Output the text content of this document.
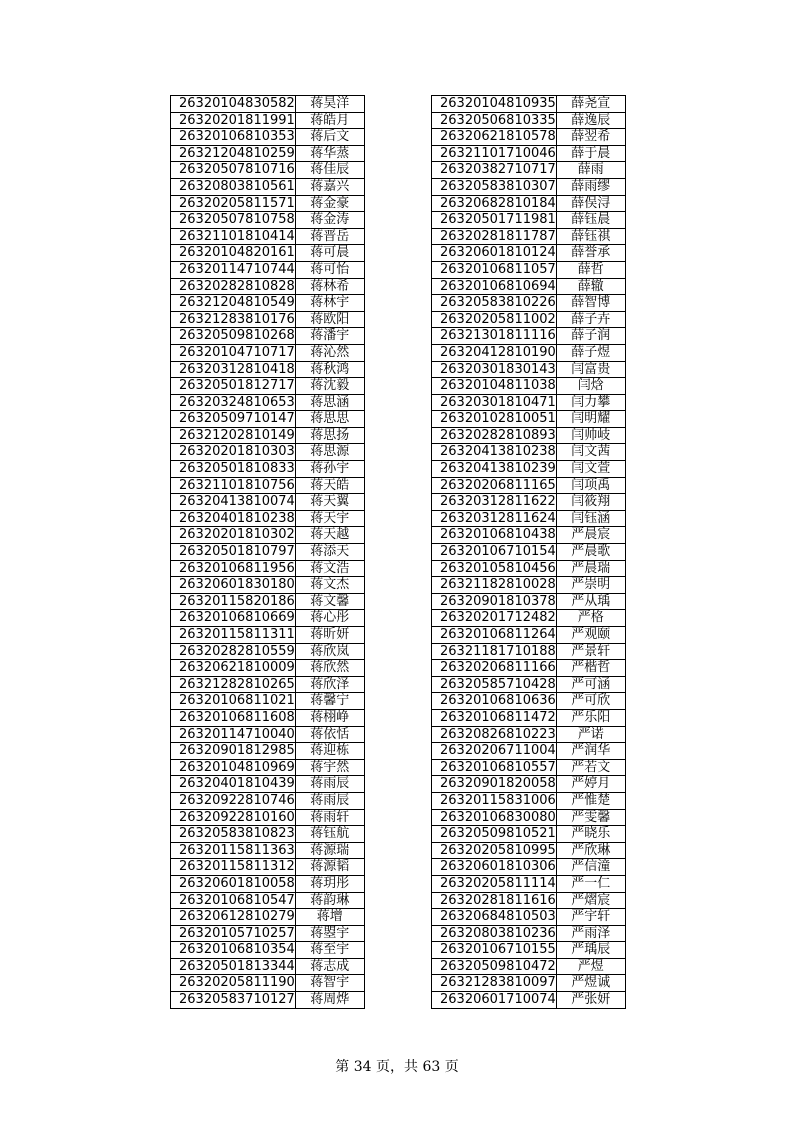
26320104830582	蒋昊洋
26320201811991	蒋皓月
26320106810353	蒋后文
26321204810259	蒋华蒸
26320507810716	蒋佳辰
26320803810561	蒋嘉兴
26320205811571	蒋金豪
26320507810758	蒋金涛
26321101810414	蒋晋岳
26320104820161	蒋可晨
26320114710744	蒋可怡
26320282810828	蒋林希
26321204810549	蒋林宇
26321283810176	蒋欧阳
26320509810268	蒋潘宇
26320104710717	蒋沁然
26320312810418	蒋秋鸿
26320501812717	蒋沈毅
26320324810653	蒋思涵
26320509710147	蒋思思
26321202810149	蒋思扬
26320201810303	蒋思源
26320501810833	蒋孙宇
26321101810756	蒋天皓
26320413810074	蒋天翼
26320401810238	蒋天宇
26320201810302	蒋天越
26320501810797	蒋添天
26320106811956	蒋文浩
26320601830180	蒋文杰
26320115820186	蒋文馨
26320106810669	蒋心彤
26320115811311	蒋昕妍
26320282810559	蒋欣岚
26320621810009	蒋欣然
26321282810265	蒋欣泽
26320106811021	蒋馨宁
26320106811608	蒋栩峥
26320114710040	蒋依恬
26320901812985	蒋迎栋
26320104810969	蒋宇然
26320401810439	蒋雨辰
26320922810746	蒋雨辰
26320922810160	蒋雨轩
26320583810823	蒋钰航
26320115811363	蒋源瑞
26320115811312	蒋源韬
26320601810058	蒋玥彤
26320106810547	蒋韵琳
26320612810279	蒋增
26320105710257	蒋曌宇
26320106810354	蒋至宇
26320501813344	蒋志成
26320205811190	蒋智宇
26320583710127	蒋周烨
26320104810935	薛尧宣
26320506810335	薛逸辰
26320621810578	薛翌希
26321101710046	薛于晨
26320382710717	薛雨
26320583810307	薛雨缪
26320682810184	薛俣浔
26320501711981	薛钰晨
26320281811787	薛钰祺
26320601810124	薛誉承
26320106811057	薛哲
26320106810694	薛辙
26320583810226	薛智博
26320205811002	薛子卉
26321301811116	薛子润
26320412810190	薛子煜
26320301830143	闫富贵
26320104811038	闫焓
26320301810471	闫力攀
26320102810051	闫明耀
26320282810893	闫帅岐
26320413810238	闫文茜
26320413810239	闫文萱
26320206811165	闫项禹
26320312811622	闫筱翔
26320312811624	闫钰涵
26320106810438	严晨宸
26320106710154	严晨歌
26320105810456	严晨瑞
26321182810028	严崇明
26320901810378	严从瑀
26320201712482	严格
26320106811264	严观颐
26321181710188	严景轩
26320206811166	严楷哲
26320585710428	严可涵
26320106810636	严可欣
26320106811472	严乐阳
26320826810223	严诺
26320206711004	严润华
26320106810557	严若文
26320901820058	严婷月
26320115831006	严惟楚
26320106830080	严雯馨
26320509810521	严晓乐
26320205810995	严欣琳
26320601810306	严信潼
26320205811114	严一仁
26320281811616	严熠宸
26320684810503	严宇轩
26320803810236	严雨泽
26320106710155	严瑀辰
26320509810472	严煜
26321283810097	严煜诚
26320601710074	严张妍
第 34 页，共 63 页
